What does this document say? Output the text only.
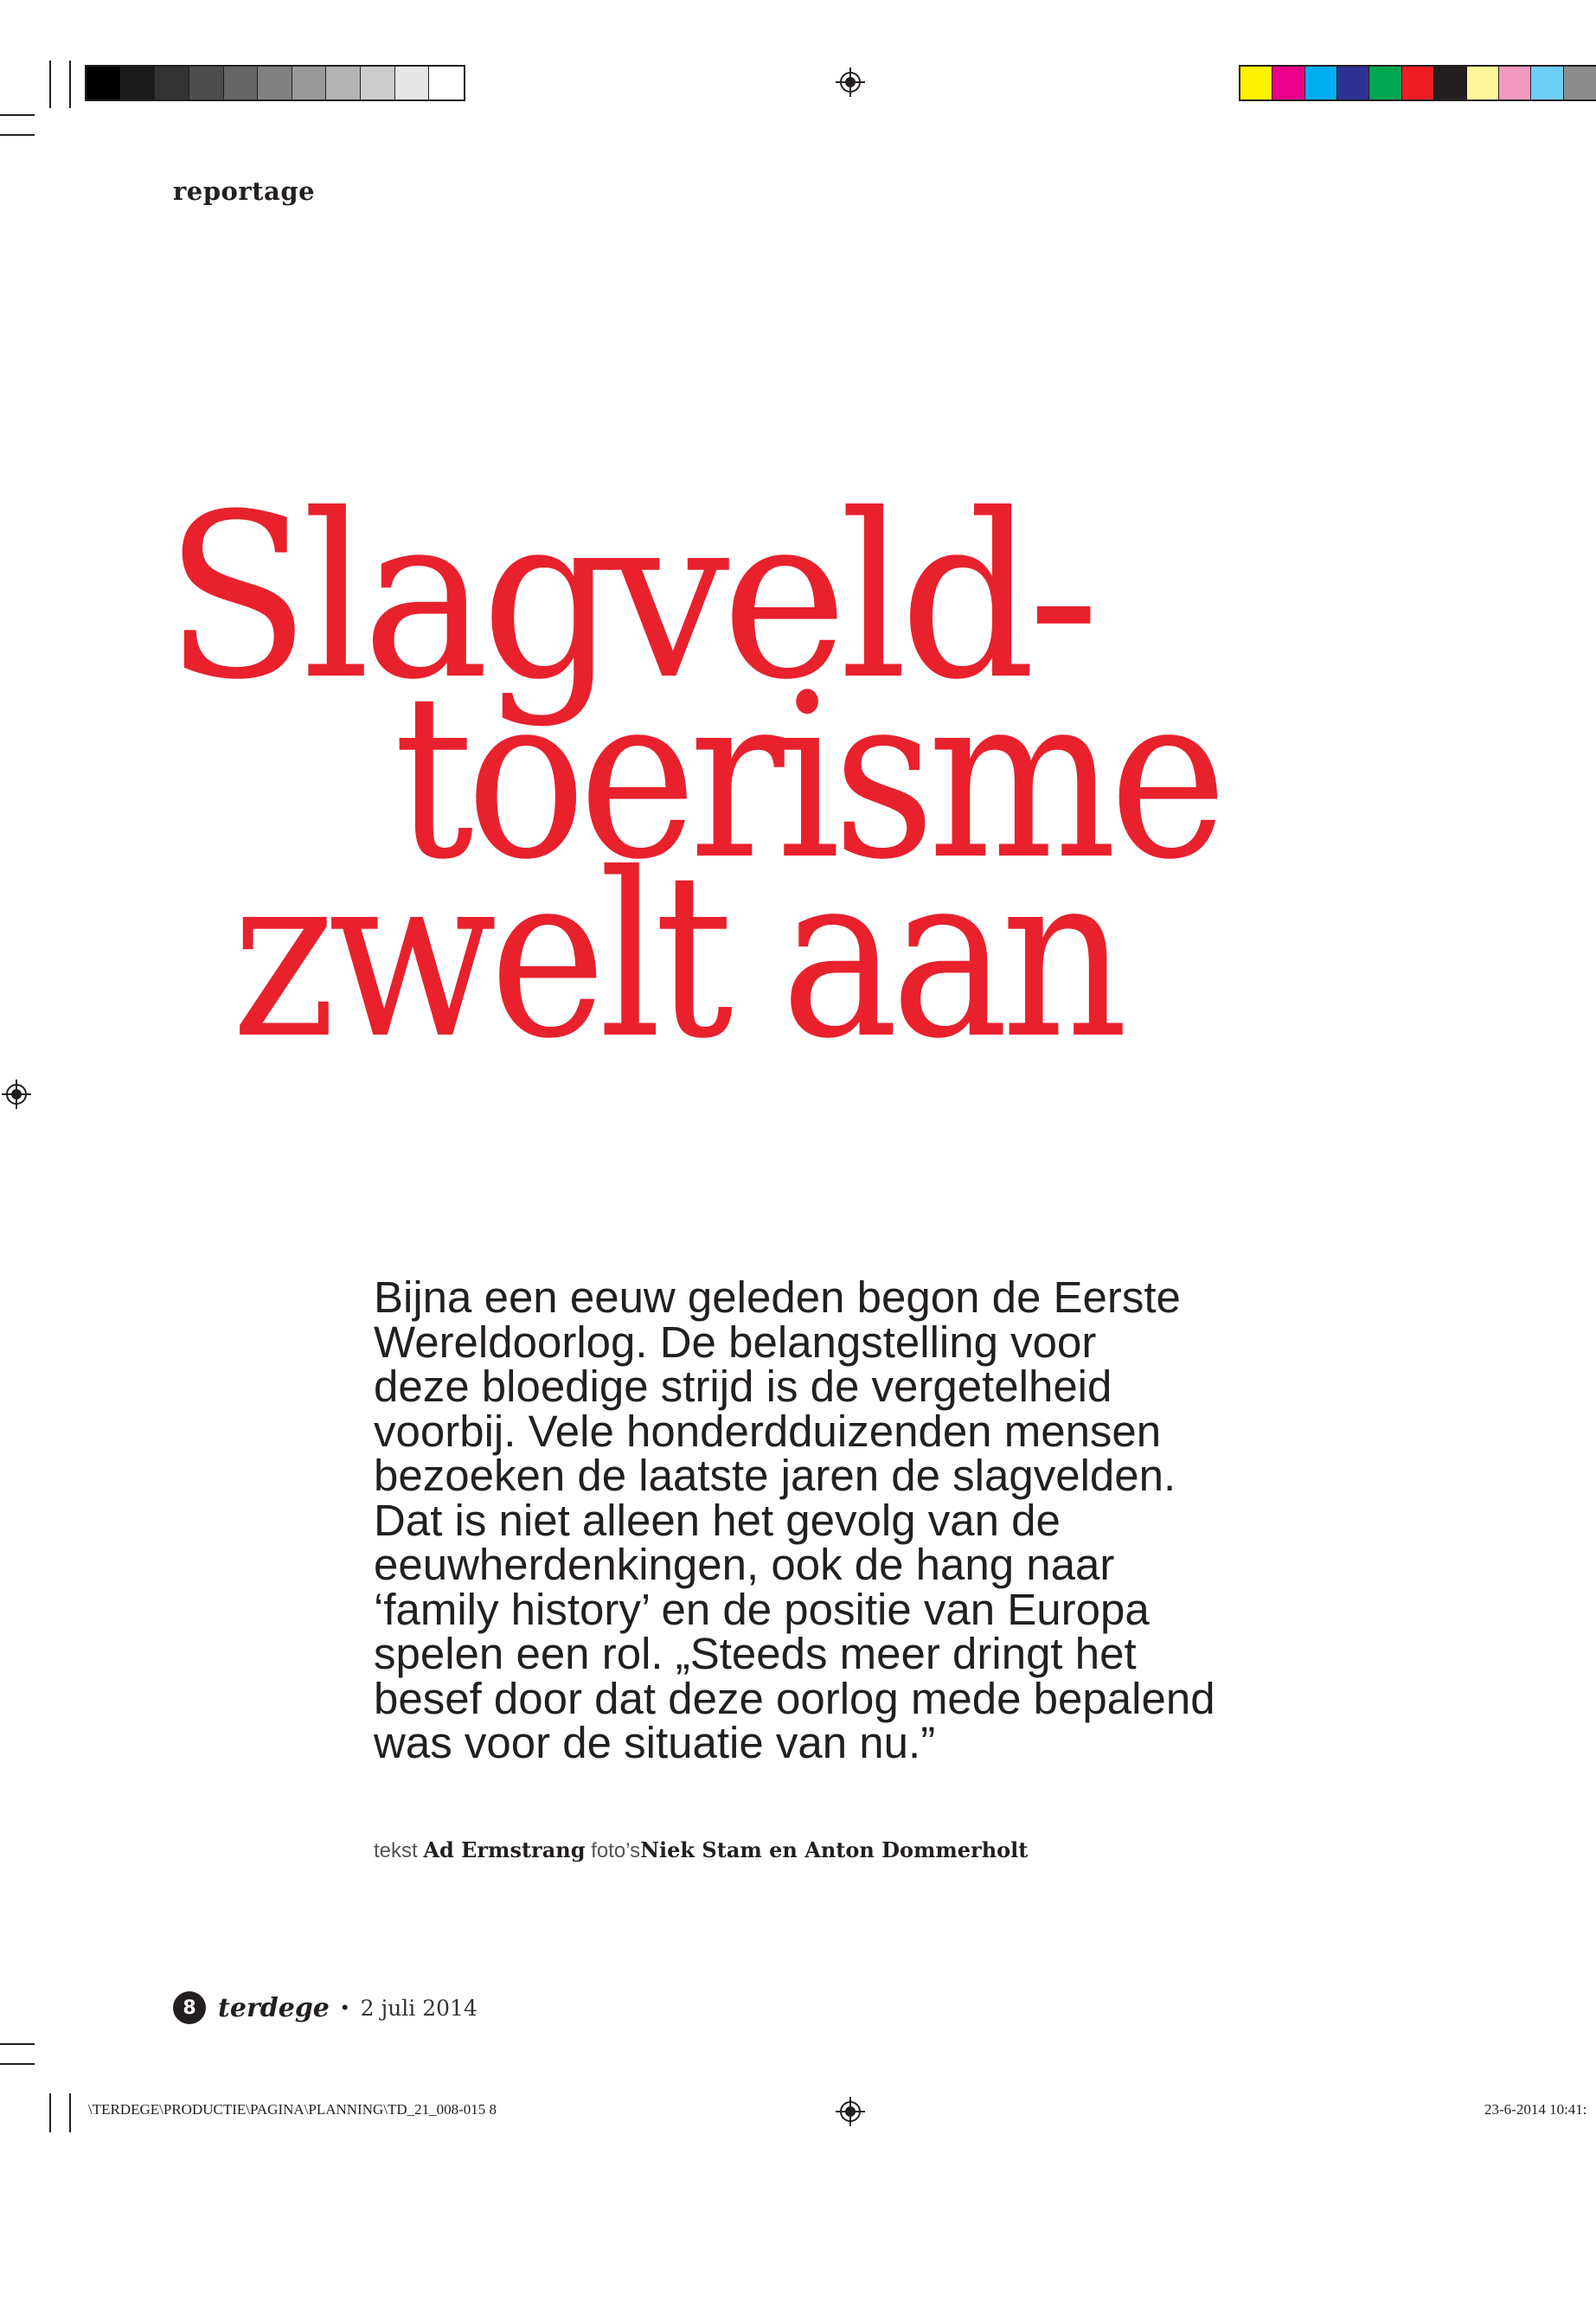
reportage
Slagveld-
toerisme
zwelt aan
Bijna een eeuw geleden begon de Eerste
Wereldoorlog. De belangstelling voor
deze bloedige strijd is de vergetelheid
voorbij. Vele honderdduizenden mensen
bezoeken de laatste jaren de slagvelden.
Dat is niet alleen het gevolg van de
eeuwherdenkingen, ook de hang naar
‘family history’ en de positie van Europa
spelen een rol. „Steeds meer dringt het
besef door dat deze oorlog mede bepalend
was voor de situatie van nu.”
tekst Ad Ermstrang foto’sNiek Stam en Anton Dommerholt
8 terdege • 2 juli 2014
\TERDEGE\PRODUCTIE\PAGINA\PLANNING\TD_21_008-015 8	23-6-2014 10:41:
